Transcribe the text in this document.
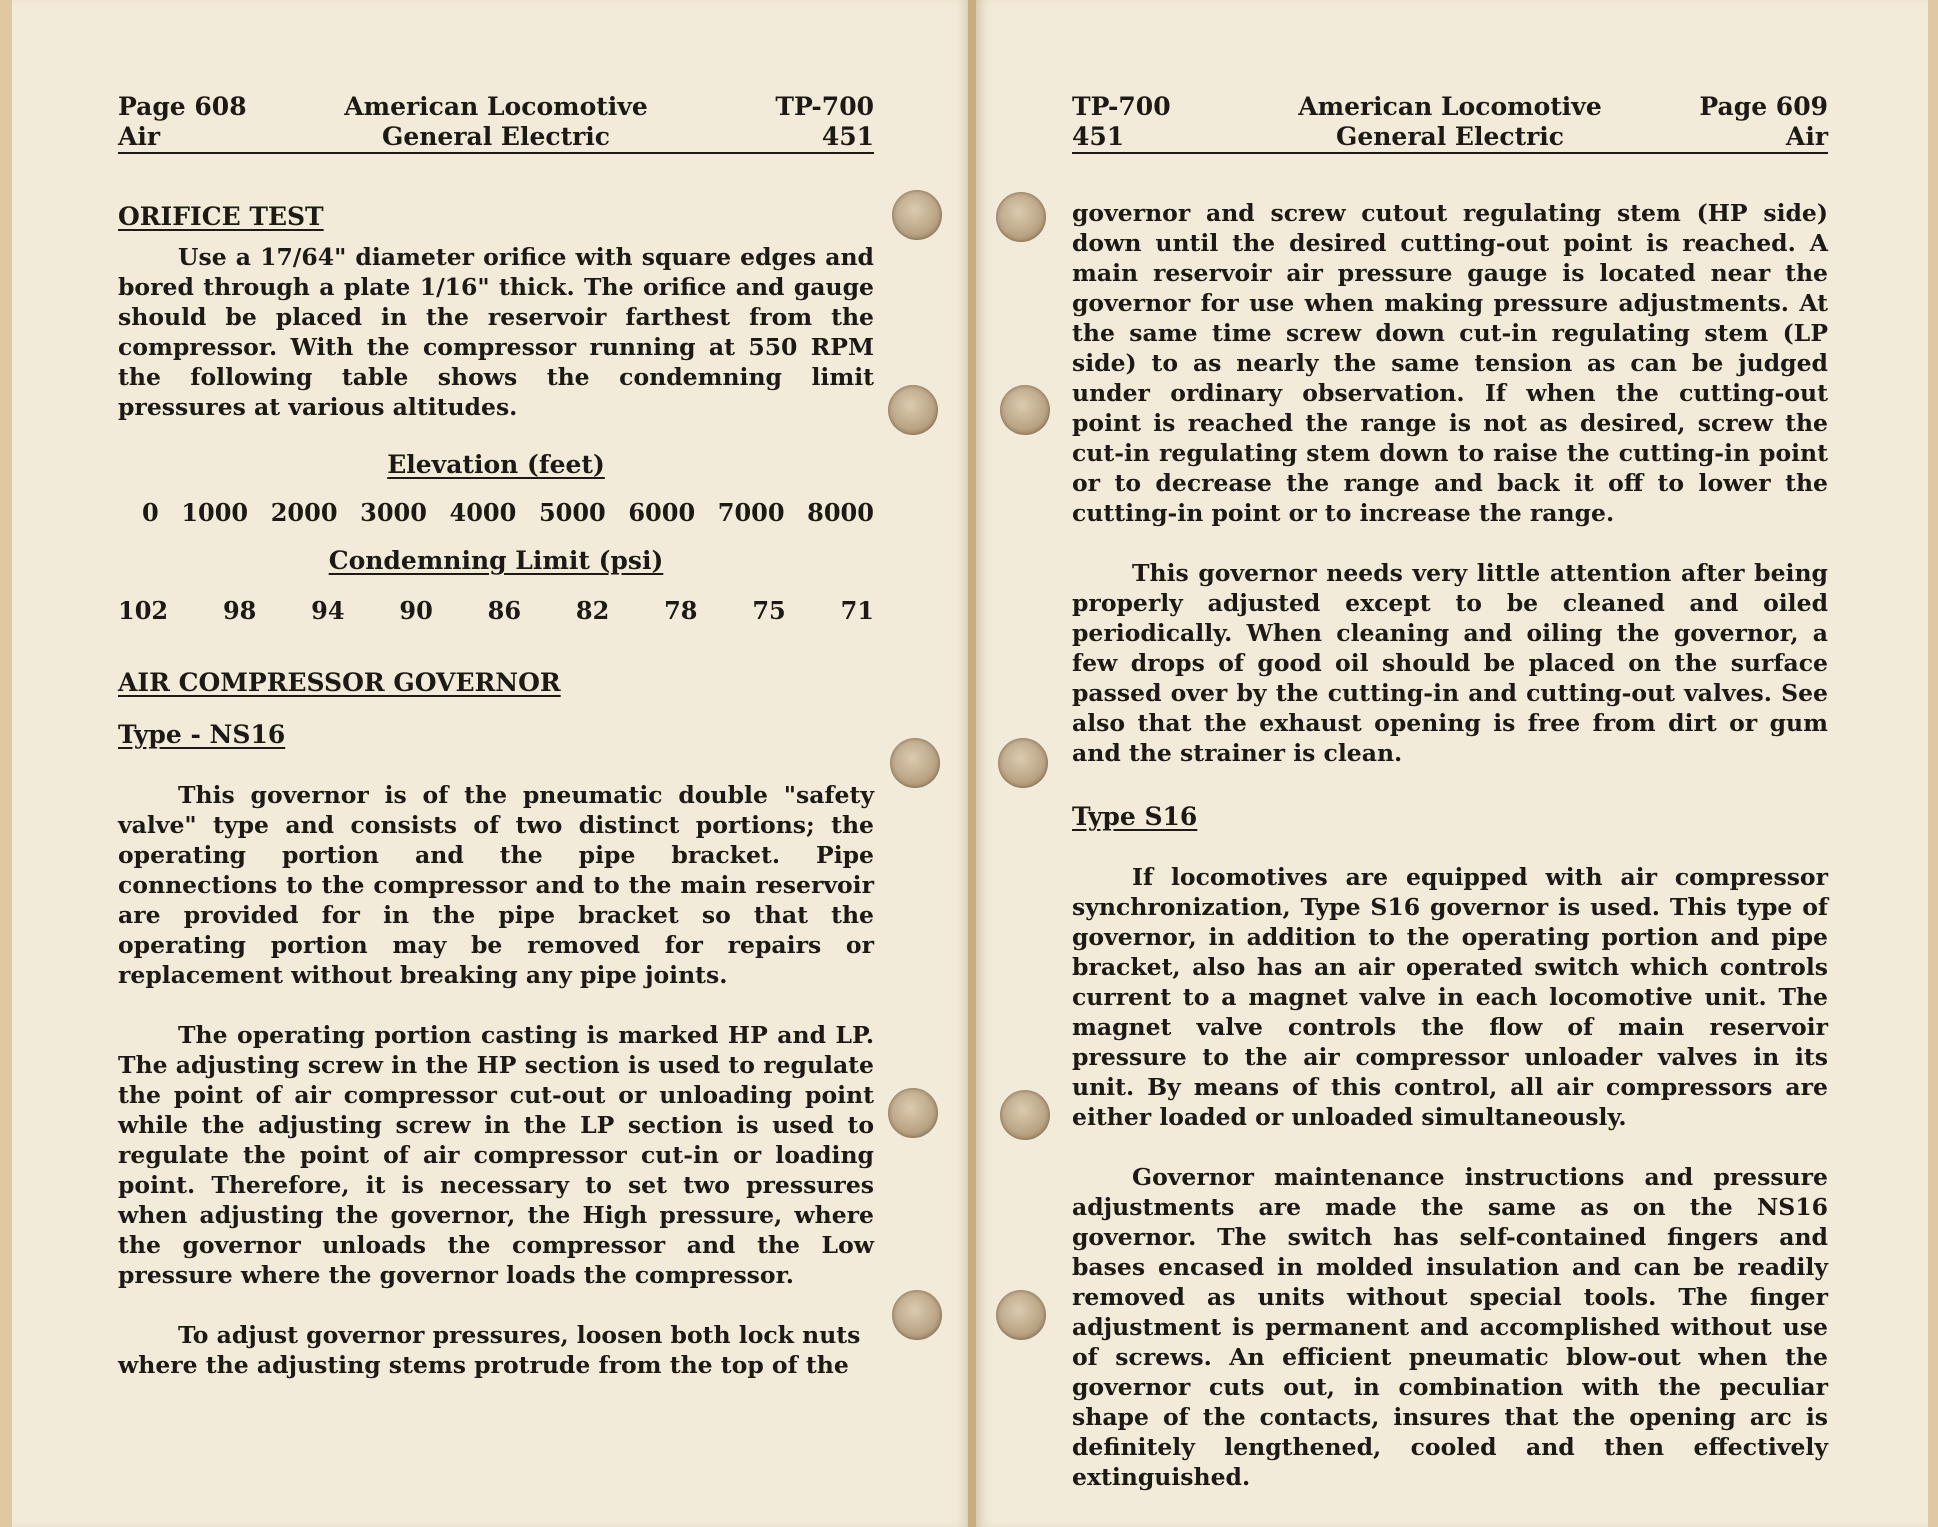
Page 608
Air
American Locomotive
General Electric
TP-700
451
ORIFICE TEST

Use a 17/64" diameter orifice with square edges and bored through a plate 1/16" thick. The orifice and gauge should be placed in the reservoir farthest from the compressor. With the compressor running at 550 RPM the following table shows the condemning limit pressures at various altitudes.

Elevation (feet)
0 1000 2000 3000 4000 5000 6000 7000 8000
Condemning Limit (psi)
102 98 94 90 86 82 78 75 71
AIR COMPRESSOR GOVERNOR
Type - NS16

This governor is of the pneumatic double "safety valve" type and consists of two distinct portions; the operating portion and the pipe bracket. Pipe connections to the compressor and to the main reservoir are provided for in the pipe bracket so that the operating portion may be removed for repairs or replacement without breaking any pipe joints.

The operating portion casting is marked HP and LP. The adjusting screw in the HP section is used to regulate the point of air compressor cut-out or unloading point while the adjusting screw in the LP section is used to regulate the point of air compressor cut-in or loading point. Therefore, it is necessary to set two pressures when adjusting the governor, the High pressure, where the governor unloads the compressor and the Low pressure where the governor loads the compressor.

To adjust governor pressures, loosen both lock nuts where the adjusting stems protrude from the top of the

TP-700
451
American Locomotive
General Electric
Page 609
Air

governor and screw cutout regulating stem (HP side) down until the desired cutting-out point is reached. A main reservoir air pressure gauge is located near the governor for use when making pressure adjustments. At the same time screw down cut-in regulating stem (LP side) to as nearly the same tension as can be judged under ordinary observation. If when the cutting-out point is reached the range is not as desired, screw the cut-in regulating stem down to raise the cutting-in point or to decrease the range and back it off to lower the cutting-in point or to increase the range.

This governor needs very little attention after being properly adjusted except to be cleaned and oiled periodically. When cleaning and oiling the governor, a few drops of good oil should be placed on the surface passed over by the cutting-in and cutting-out valves. See also that the exhaust opening is free from dirt or gum and the strainer is clean.

Type S16

If locomotives are equipped with air compressor synchronization, Type S16 governor is used. This type of governor, in addition to the operating portion and pipe bracket, also has an air operated switch which controls current to a magnet valve in each locomotive unit. The magnet valve controls the flow of main reservoir pressure to the air compressor unloader valves in its unit. By means of this control, all air compressors are either loaded or unloaded simultaneously.

Governor maintenance instructions and pressure adjustments are made the same as on the NS16 governor. The switch has self-contained fingers and bases encased in molded insulation and can be readily removed as units without special tools. The finger adjustment is permanent and accomplished without use of screws. An efficient pneumatic blow-out when the governor cuts out, in combination with the peculiar shape of the contacts, insures that the opening arc is definitely lengthened, cooled and then effectively extinguished.
